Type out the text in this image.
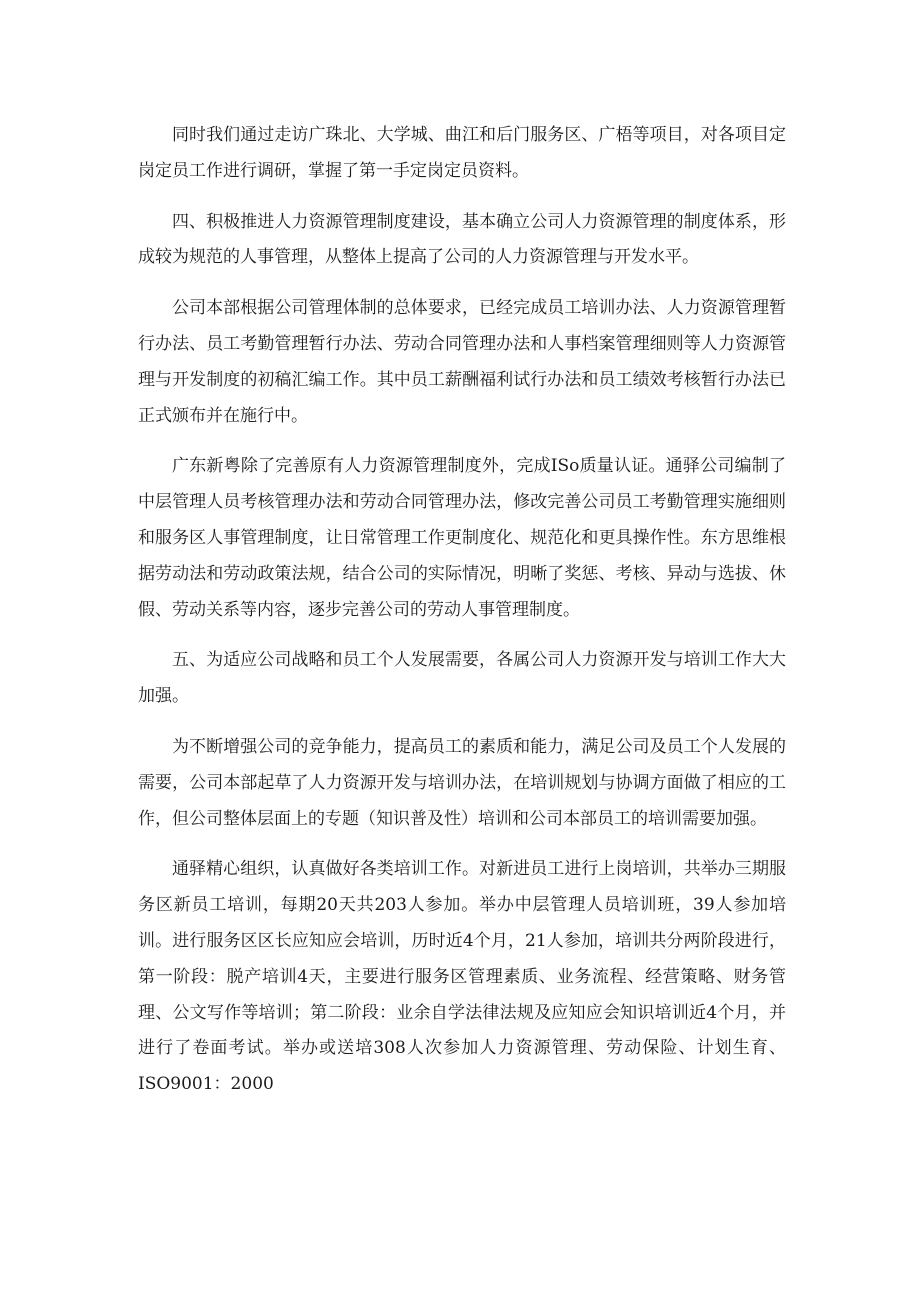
同时我们通过走访广珠北、大学城、曲江和后门服务区、广梧等项目，对各项目定岗定员工作进行调研，掌握了第一手定岗定员资料。

四、积极推进人力资源管理制度建设，基本确立公司人力资源管理的制度体系，形成较为规范的人事管理，从整体上提高了公司的人力资源管理与开发水平。

公司本部根据公司管理体制的总体要求，已经完成员工培训办法、人力资源管理暂行办法、员工考勤管理暂行办法、劳动合同管理办法和人事档案管理细则等人力资源管理与开发制度的初稿汇编工作。其中员工薪酬福利试行办法和员工绩效考核暂行办法已正式颁布并在施行中。

广东新粤除了完善原有人力资源管理制度外，完成ISo质量认证。通驿公司编制了中层管理人员考核管理办法和劳动合同管理办法，修改完善公司员工考勤管理实施细则和服务区人事管理制度，让日常管理工作更制度化、规范化和更具操作性。东方思维根据劳动法和劳动政策法规，结合公司的实际情况，明晰了奖惩、考核、异动与选拔、休假、劳动关系等内容，逐步完善公司的劳动人事管理制度。

五、为适应公司战略和员工个人发展需要，各属公司人力资源开发与培训工作大大加强。

为不断增强公司的竞争能力，提高员工的素质和能力，满足公司及员工个人发展的需要，公司本部起草了人力资源开发与培训办法，在培训规划与协调方面做了相应的工作，但公司整体层面上的专题（知识普及性）培训和公司本部员工的培训需要加强。

通驿精心组织，认真做好各类培训工作。对新进员工进行上岗培训，共举办三期服务区新员工培训，每期20天共203人参加。举办中层管理人员培训班，39人参加培训。进行服务区区长应知应会培训，历时近4个月，21人参加，培训共分两阶段进行，第一阶段：脱产培训4天，主要进行服务区管理素质、业务流程、经营策略、财务管理、公文写作等培训；第二阶段：业余自学法律法规及应知应会知识培训近4个月，并进行了卷面考试。举办或送培308人次参加人力资源管理、劳动保险、计划生育、ISO9001：2000
